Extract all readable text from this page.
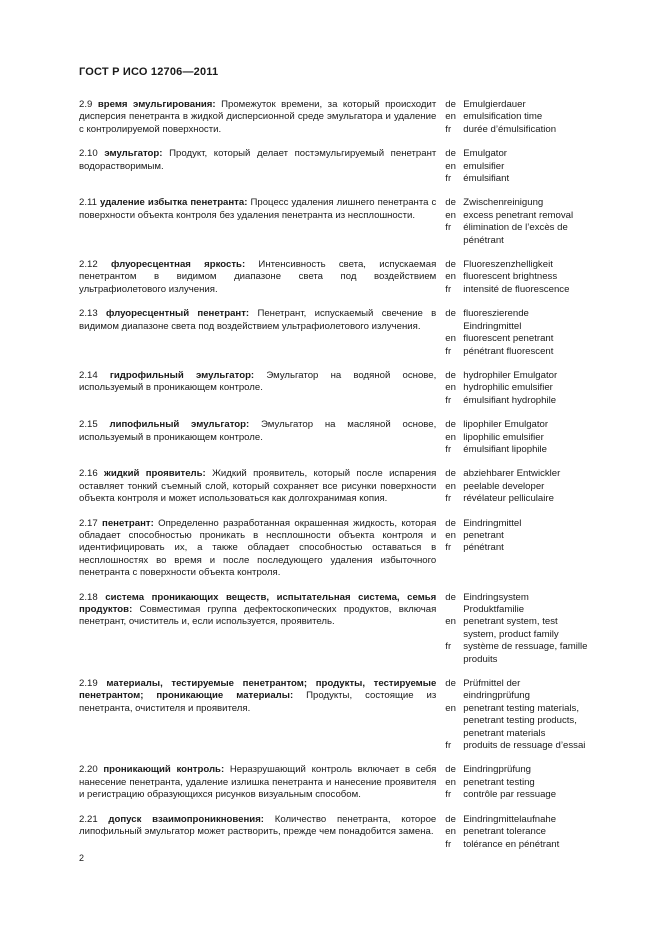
ГОСТ Р ИСО 12706—2011
2.9 время эмульгирования: Промежуток времени, за который происходит дисперсия пенетранта в жидкой дисперсионной среде эмульгатора и удаление с контролируемой поверхности.
de Emulgierdauer
en emulsification time
fr	durée d’émulsification
2.10 эмульгатор: Продукт, который делает постэмульгируемый пенетрант водорастворимым.
de Emulgator
en emulsifier
fr	émulsifiant
2.11 удаление избытка пенетранта: Процесс удаления лишнего пенетранта с поверхности объекта контроля без удаления пенетранта из несплошности.
de Zwischenreinigung
en excess penetrant removal
fr	élimination de l’excès de pénétrant
2.12 флуоресцентная яркость: Интенсивность света, испускаемая пенетрантом в видимом диапазоне света под воздействием ультрафиолетового излучения.
de Fluoreszenzhelligkeit
en fluorescent brightness
fr	intensité de fluorescence
2.13 флуоресцентный пенетрант: Пенетрант, испускаемый свечение в видимом диапазоне света под воздействием ультрафиолетового излучения.
de fluoreszierende Eindringmittel
en fluorescent penetrant
fr	pénétrant fluorescent
2.14 гидрофильный эмульгатор: Эмульгатор на водяной основе, используемый в проникающем контроле.
de hydrophiler Emulgator
en hydrophilic emulsifier
fr	émulsifiant hydrophile
2.15 липофильный эмульгатор: Эмульгатор на масляной основе, используемый в проникающем контроле.
de lipophiler Emulgator
en lipophilic emulsifier
fr	émulsifiant lipophile
2.16 жидкий проявитель: Жидкий проявитель, который после испарения оставляет тонкий съемный слой, который сохраняет все рисунки поверхности объекта контроля и может использоваться как долгохранимая копия.
de abziehbarer Entwickler
en peelable developer
fr	révélateur pelliculaire
2.17 пенетрант: Определенно разработанная окрашенная жидкость, которая обладает способностью проникать в несплошности объекта контроля и идентифицировать их, а также обладает способностью оставаться в несплошностях во время и после последующего удаления избыточного пенетранта с поверхности объекта контроля.
de Eindringmittel
en penetrant
fr	pénétrant
2.18 система проникающих веществ, испытательная система, семья продуктов: Совместимая группа дефектоскопических продуктов, включая пенетрант, очиститель и, если используется, проявитель.
de Eindringsystem Produktfamilie
en penetrant system, test system, product family
fr	système de ressuage, famille produits
2.19 материалы, тестируемые пенетрантом; продукты, тестируемые пенетрантом; проникающие материалы: Продукты, состоящие из пенетранта, очистителя и проявителя.
de Prüfmittel der eindringprüfung
en penetrant testing materials, penetrant testing products, penetrant materials
fr	produits de ressuage d’essai
2.20 проникающий контроль: Неразрушающий контроль включает в себя нанесение пенетранта, удаление излишка пенетранта и нанесение проявителя и регистрацию образующихся рисунков визуальным способом.
de Eindringprüfung
en penetrant testing
fr	contrôle par ressuage
2.21 допуск взаимопроникновения: Количество пенетранта, которое липофильный эмульгатор может растворить, прежде чем понадобится замена.
de Eindringmittelaufnahe
en penetrant tolerance
fr	tolérance en pénétrant
2
